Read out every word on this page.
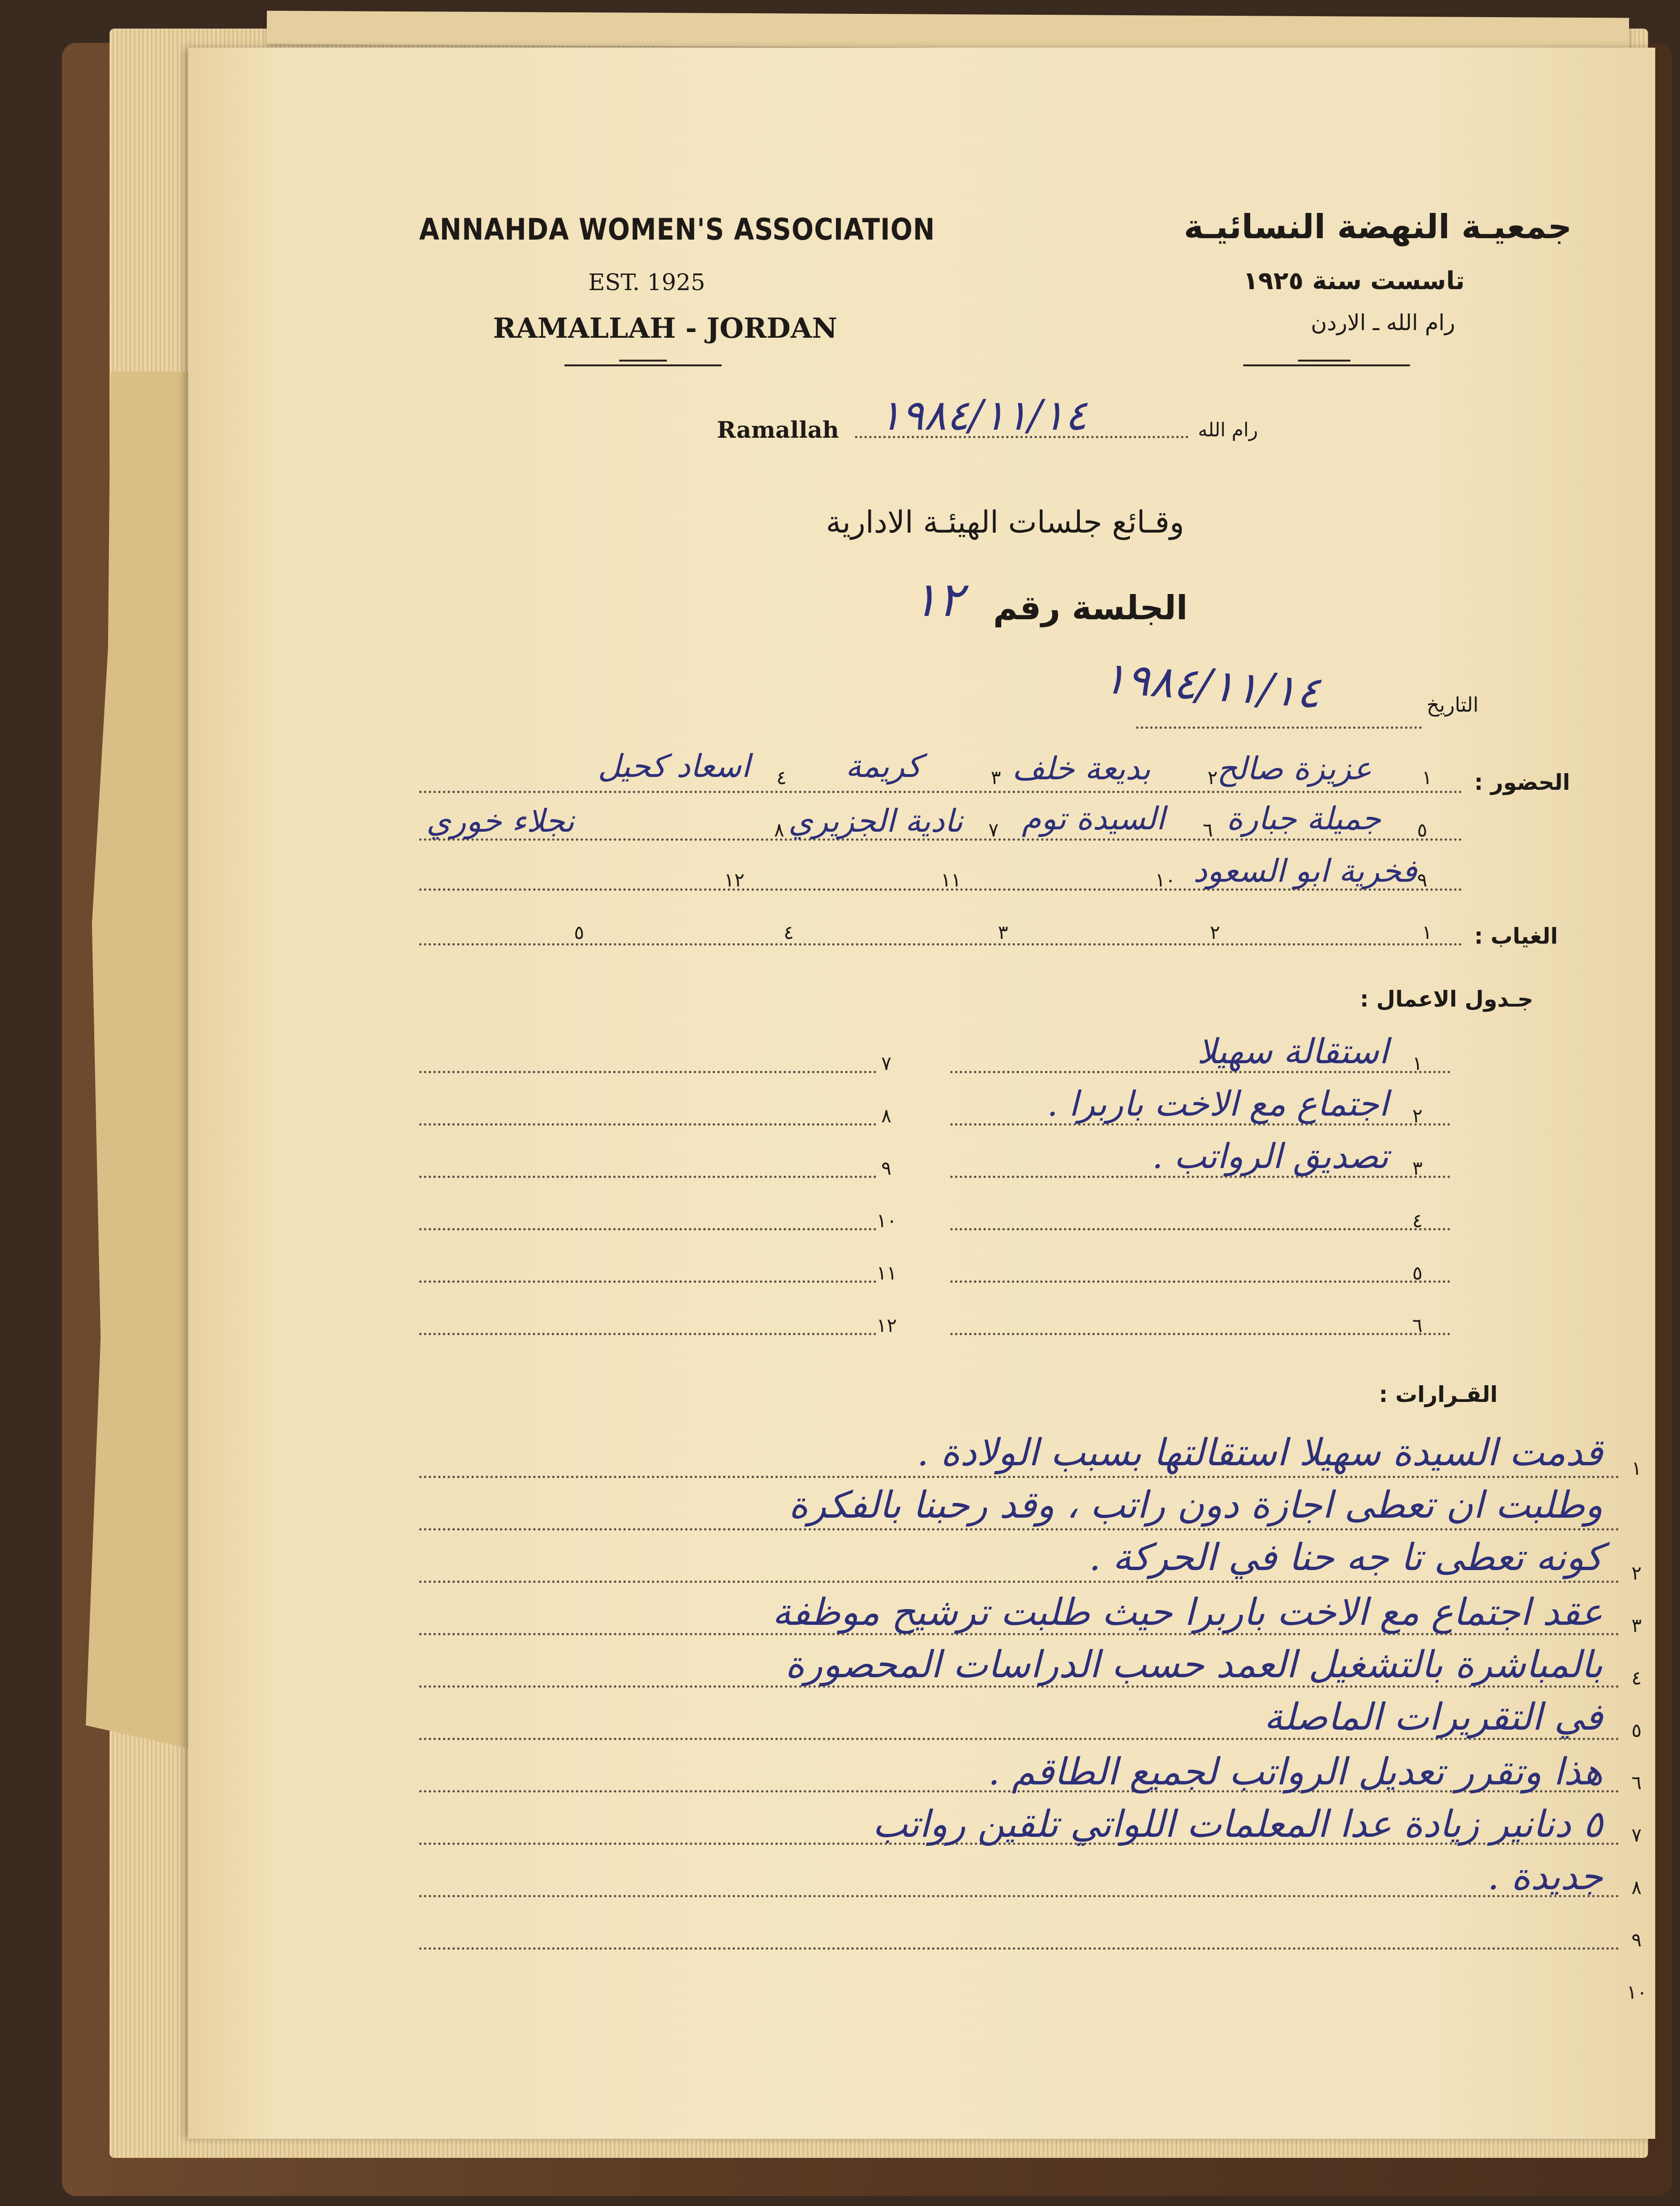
ANNAHDA WOMEN'S ASSOCIATION
EST. 1925
RAMALLAH - JORDAN
جمعيـة النهضة النسائيـة
تاسست سنة ١٩٢٥
رام الله ـ الاردن
Ramallah ١٩٨٤/١١/١٤	رام الله
وقـائع جلسات الهيئـة الادارية
الجلسة رقم
١٢
١٩٨٤/١١/١٤	التاريخ
الحضور :
١
٢
٣
٤
٥
٦
٧
٨
٩
١٠
١١
١٢
عزيزة صالح
بديعة خلف
كريمة
اسعاد كحيل
جميلة جبارة
السيدة توم
نادية الجزيري
نجلاء خوري
فخرية ابو السعود
الغياب :
١
٢
٣
٤
٥
جـدول الاعمال :
١
٢
٣
٤
٥
٦
٧
٨
٩
١٠
١١
١٢
استقالة سهيلا
اجتماع مع الاخت باربرا .
تصديق الرواتب .
القـرارات :
١
٢
٣
٤
٥
٦
٧
٨
٩
١٠
قدمت السيدة سهيلا استقالتها بسبب الولادة .
وطلبت ان تعطى اجازة دون راتب ، وقد رحبنا بالفكرة
كونه تعطى تا جه حنا في الحركة .
عقد اجتماع مع الاخت باربرا حيث طلبت ترشيح موظفة
بالمباشرة بالتشغيل العمد حسب الدراسات المحصورة
في التقريرات الماصلة
هذا وتقرر تعديل الرواتب لجميع الطاقم .
٥ دنانير زيادة عدا المعلمات اللواتي تلقين رواتب
جديدة .
